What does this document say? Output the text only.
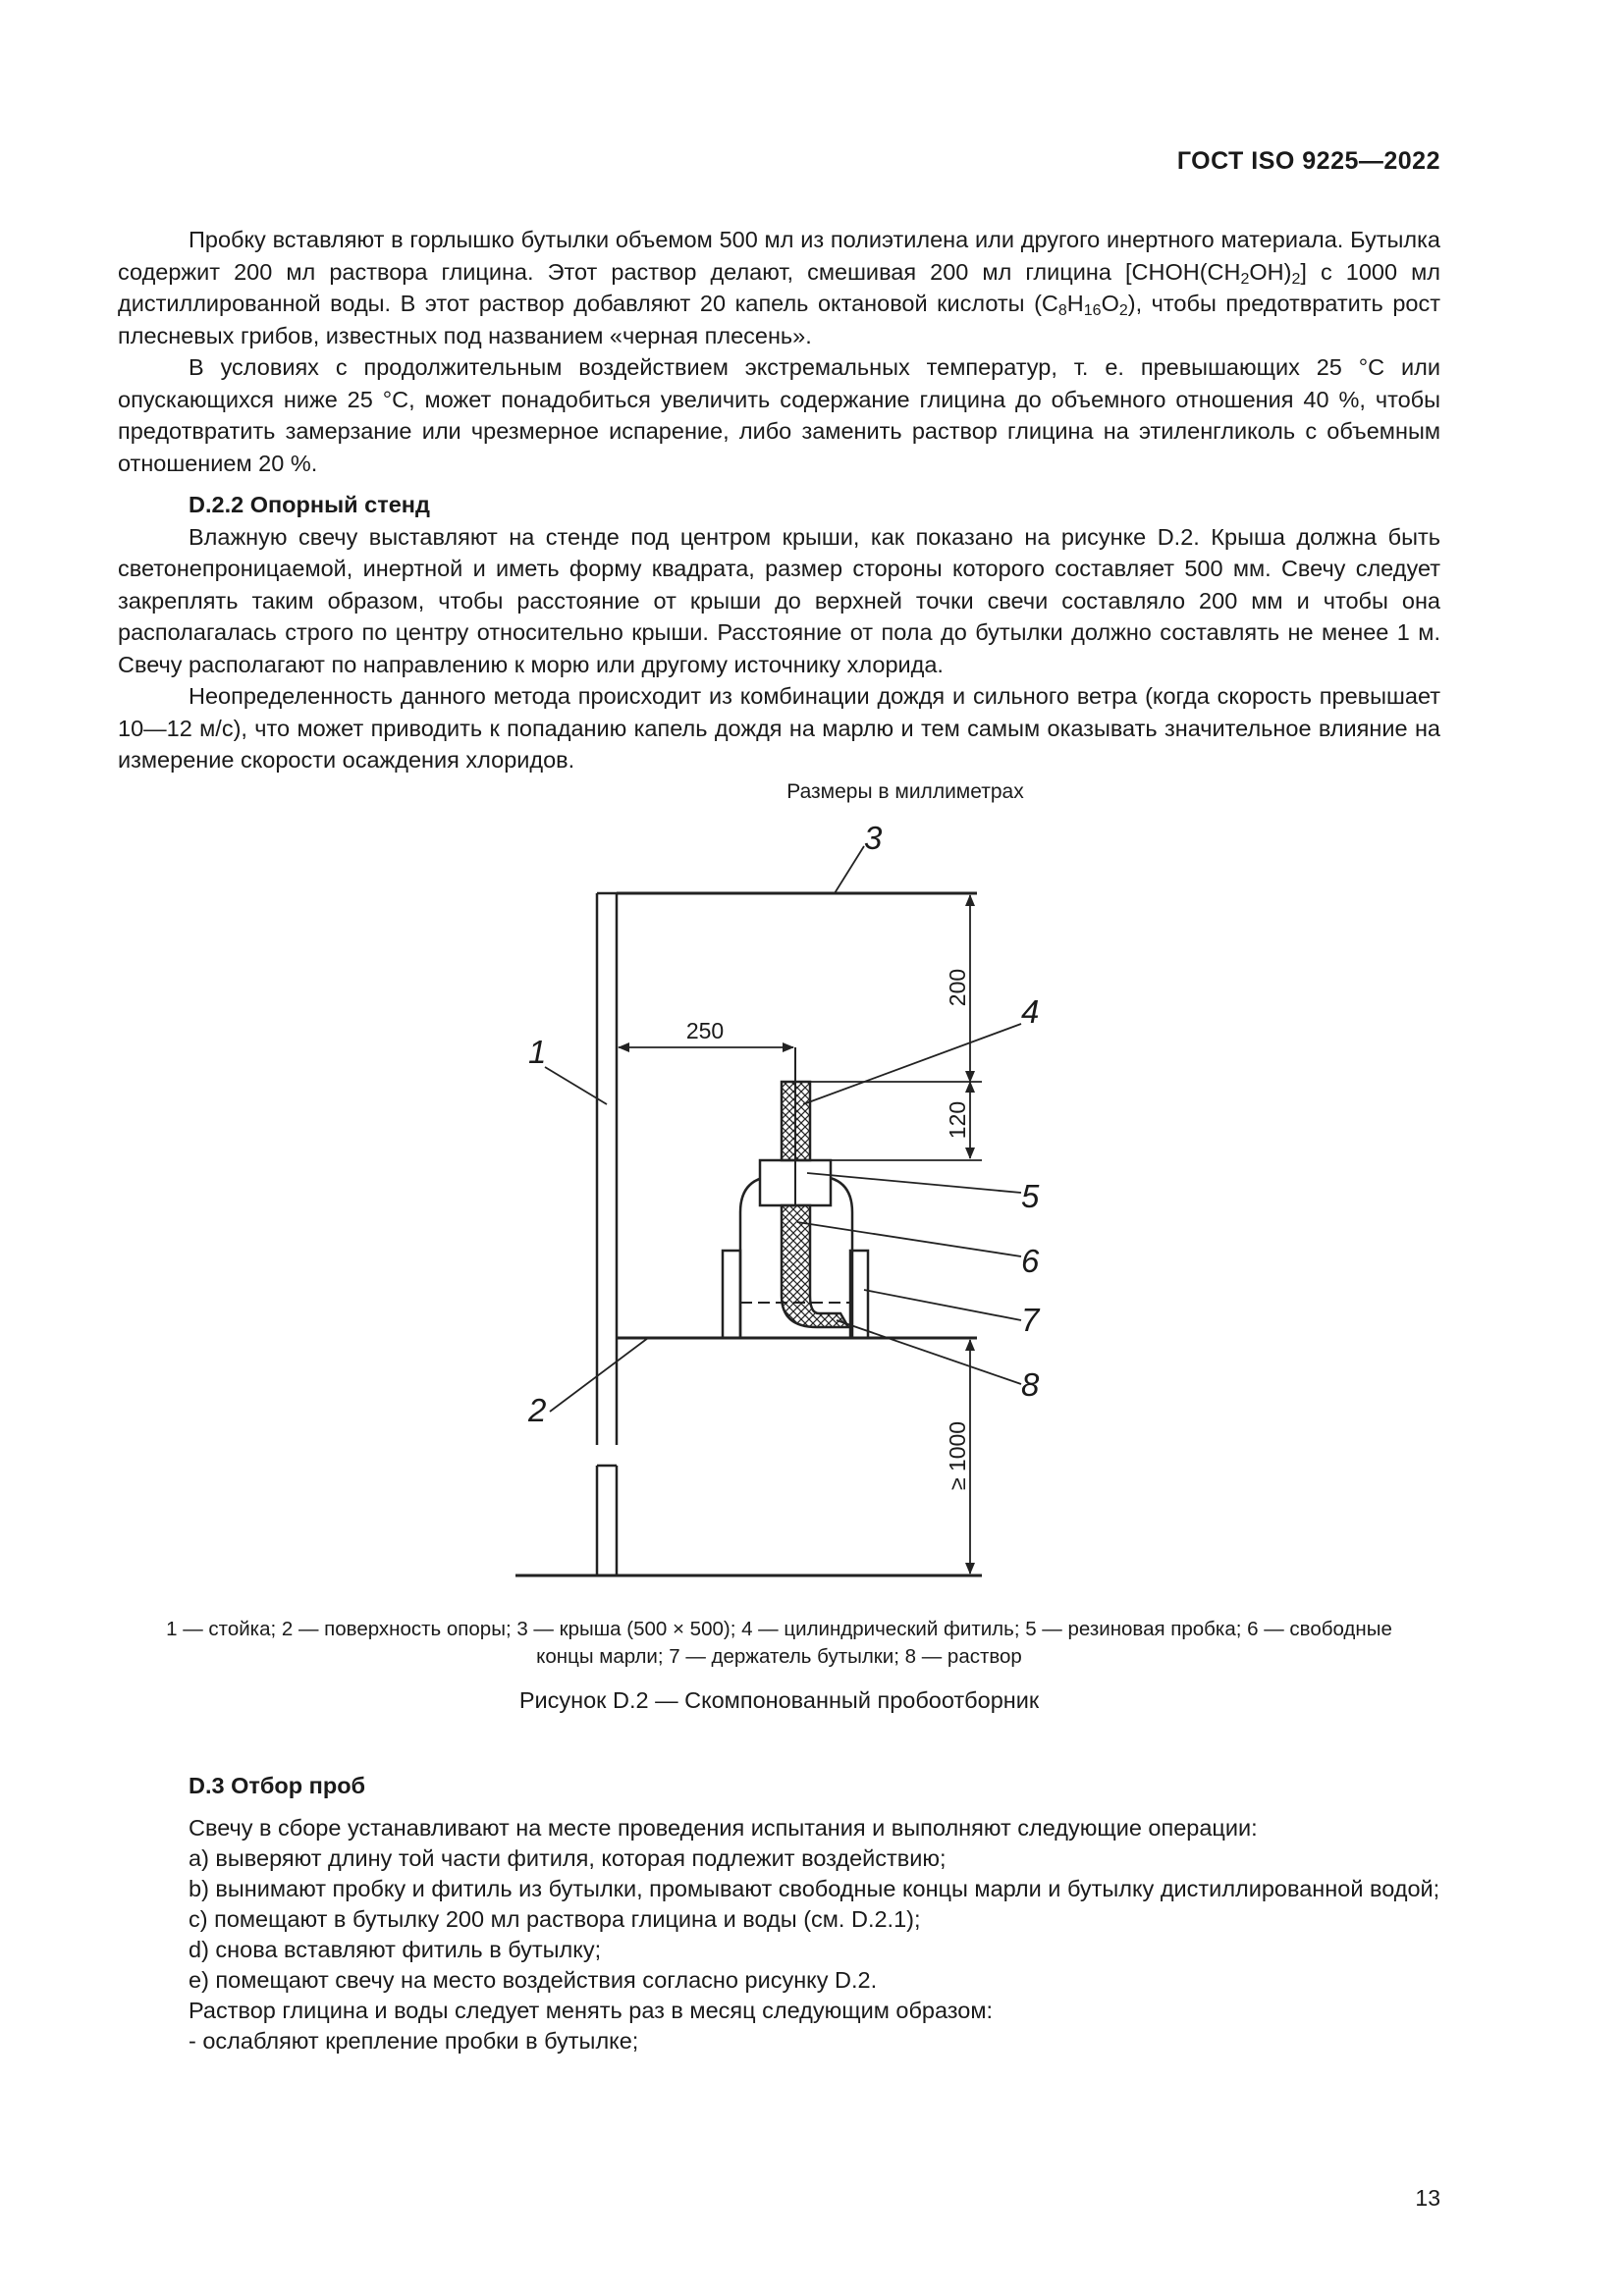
ГОСТ ISO 9225—2022

Пробку вставляют в горлышко бутылки объемом 500 мл из полиэтилена или другого инертного материала. Бутылка содержит 200 мл раствора глицина. Этот раствор делают, смешивая 200 мл глицина $[CHOH(CH_2OH)_2]$ с 1000 мл дистиллированной воды. В этот раствор добавляют 20 капель октановой кислоты $(C_8H_{16}O_2)$, чтобы предотвратить рост плесневых грибов, известных под названием «черная плесень».

В условиях с продолжительным воздействием экстремальных температур, т. е. превышающих 25 °C или опускающихся ниже 25 °C, может понадобиться увеличить содержание глицина до объемного отношения 40 %, чтобы предотвратить замерзание или чрезмерное испарение, либо заменить раствор глицина на этиленгликоль с объемным отношением 20 %.

D.2.2 Опорный стенд

Влажную свечу выставляют на стенде под центром крыши, как показано на рисунке D.2. Крыша должна быть светонепроницаемой, инертной и иметь форму квадрата, размер стороны которого составляет 500 мм. Свечу следует закреплять таким образом, чтобы расстояние от крыши до верхней точки свечи составляло 200 мм и чтобы она располагалась строго по центру относительно крыши. Расстояние от пола до бутылки должно составлять не менее 1 м. Свечу располагают по направлению к морю или другому источнику хлорида.

Неопределенность данного метода происходит из комбинации дождя и сильного ветра (когда скорость превышает 10—12 м/с), что может приводить к попаданию капель дождя на марлю и тем самым оказывать значительное влияние на измерение скорости осаждения хлоридов.

Размеры в миллиметрах
250
200
120
≥ 1000
1
2
3
4
5
6
7
8
1 — стойка; 2 — поверхность опоры; 3 — крыша (500 × 500); 4 — цилиндрический фитиль; 5 — резиновая пробка; 6 — свободные
концы марли; 7 — держатель бутылки; 8 — раствор
Рисунок D.2 — Скомпонованный пробоотборник

D.3 Отбор проб

Свечу в сборе устанавливают на месте проведения испытания и выполняют следующие операции:

a) выверяют длину той части фитиля, которая подлежит воздействию;

b) вынимают пробку и фитиль из бутылки, промывают свободные концы марли и бутылку дистиллированной водой;

c) помещают в бутылку 200 мл раствора глицина и воды (см. D.2.1);

d) снова вставляют фитиль в бутылку;

e) помещают свечу на место воздействия согласно рисунку D.2.

Раствор глицина и воды следует менять раз в месяц следующим образом:

- ослабляют крепление пробки в бутылке;

13
